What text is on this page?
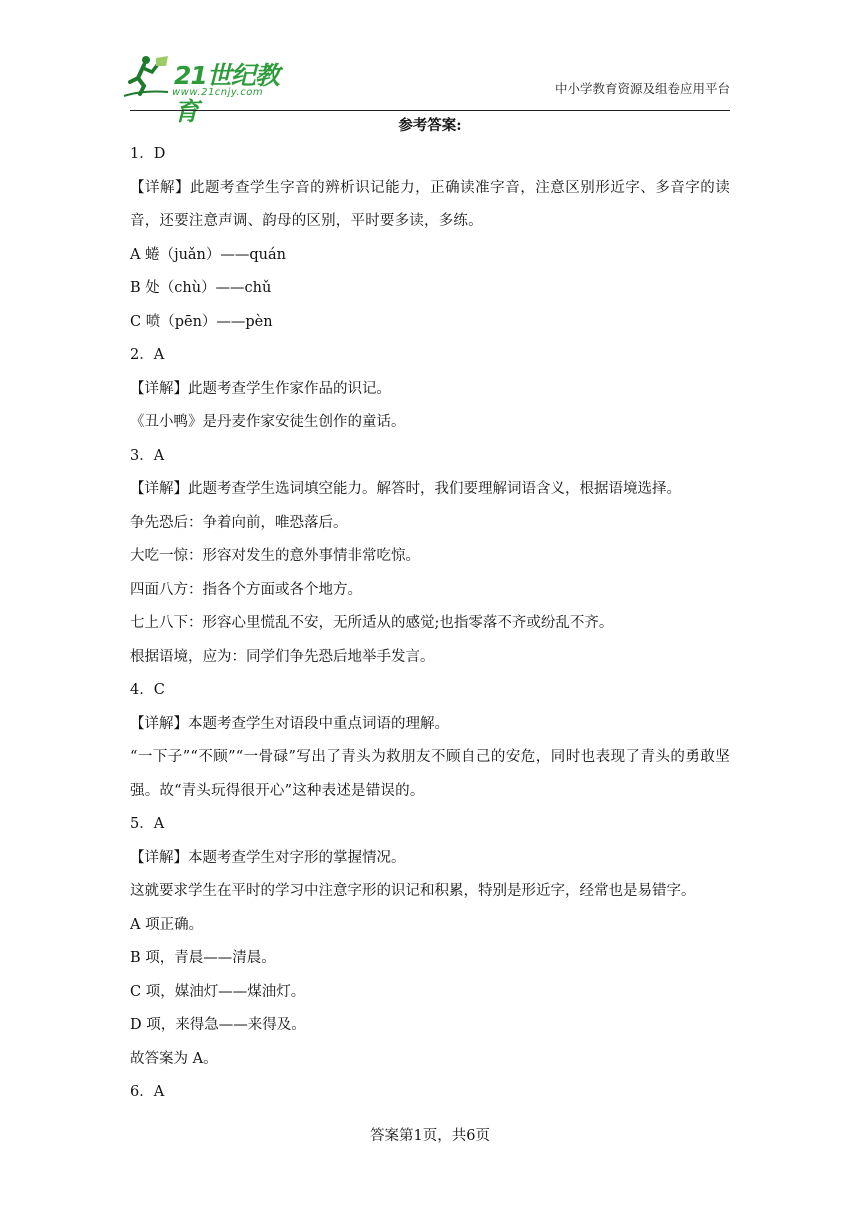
21世纪教育
www.21cnjy.com	中小学教育资源及组卷应用平台
参考答案:

1．D

【详解】此题考查学生字音的辨析识记能力，正确读准字音，注意区别形近字、多音字的读音，还要注意声调、韵母的区别，平时要多读，多练。

A 蜷（juǎn）——quán

B 处（chù）——chǔ

C 喷（pēn）——pèn

2．A

【详解】此题考查学生作家作品的识记。

《丑小鸭》是丹麦作家安徒生创作的童话。

3．A

【详解】此题考查学生选词填空能力。解答时，我们要理解词语含义，根据语境选择。

争先恐后：争着向前，唯恐落后。

大吃一惊：形容对发生的意外事情非常吃惊。

四面八方：指各个方面或各个地方。

七上八下：形容心里慌乱不安，无所适从的感觉;也指零落不齐或纷乱不齐。

根据语境，应为：同学们争先恐后地举手发言。

4．C

【详解】本题考查学生对语段中重点词语的理解。

“一下子”“不顾”“一骨碌”写出了青头为救朋友不顾自己的安危，同时也表现了青头的勇敢坚强。故“青头玩得很开心”这种表述是错误的。

5．A

【详解】本题考查学生对字形的掌握情况。

这就要求学生在平时的学习中注意字形的识记和积累，特别是形近字，经常也是易错字。

A 项正确。

B 项，青晨——清晨。

C 项，媒油灯——煤油灯。

D 项，来得急——来得及。

故答案为 A。

6．A

答案第1页，共6页
